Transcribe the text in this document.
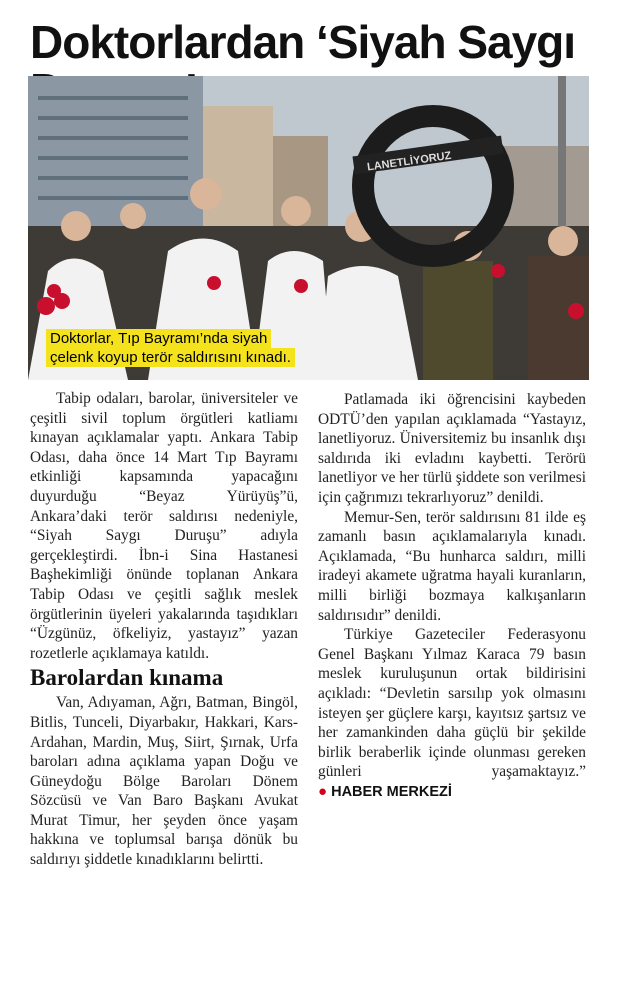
Doktorlardan ‘Siyah Saygı
LANETLİYORUZ
Doktorlar, Tıp Bayramı’nda siyah
çelenk koyup terör saldırısını kınadı.

Tabip odaları, barolar, üniversiteler ve çeşitli sivil toplum örgütleri katliamı kınayan açıklamalar yaptı. Ankara Tabip Odası, daha önce 14 Mart Tıp Bayramı etkinliği kapsamında yapacağını duyurduğu “Beyaz Yürüyüş”ü, Ankara’daki terör saldırısı nedeniyle, “Siyah Saygı Duruşu” adıyla gerçekleştirdi. İbn-i Sina Hastanesi Başhekimliği önünde toplanan Ankara Tabip Odası ve çeşitli sağlık meslek örgütlerinin üyeleri yakalarında taşıdıkları “Üzgünüz, öfkeliyiz, yastayız” yazan rozetlerle açıklamaya katıldı.

Barolardan kınama

Van, Adıyaman, Ağrı, Batman, Bingöl, Bitlis, Tunceli, Diyarbakır, Hakkari, Kars-Ardahan, Mardin, Muş, Siirt, Şırnak, Urfa baroları adına açıklama yapan Doğu ve Güneydoğu Bölge Baroları Dönem Sözcüsü ve Van Baro Başkanı Avukat Murat Timur, her şeyden önce yaşam hakkına ve toplumsal barışa dönük bu saldırıyı şiddetle kınadıklarını belirtti.

Patlamada iki öğrencisini kaybeden ODTÜ’den yapılan açıklamada “Yastayız, lanetliyoruz. Üniversitemiz bu insanlık dışı saldırıda iki evladını kaybetti. Terörü lanetliyor ve her türlü şiddete son verilmesi için çağrımızı tekrarlıyoruz” denildi.

Memur-Sen, terör saldırısını 81 ilde eş zamanlı basın açıklamalarıyla kınadı. Açıklamada, “Bu hunharca saldırı, milli iradeyi akamete uğratma hayali kuranların, milli birliği bozmaya kalkışanların saldırısıdır” denildi.

Türkiye Gazeteciler Federasyonu Genel Başkanı Yılmaz Karaca 79 basın meslek kuruluşunun ortak bildirisini açıkladı: “Devletin sarsılıp yok olmasını isteyen şer güçlere karşı, kayıtsız şartsız ve her zamankinden daha güçlü bir şekilde birlik beraberlik içinde olunması gereken günleri yaşamaktayız.” ● HABER MERKEZİ
